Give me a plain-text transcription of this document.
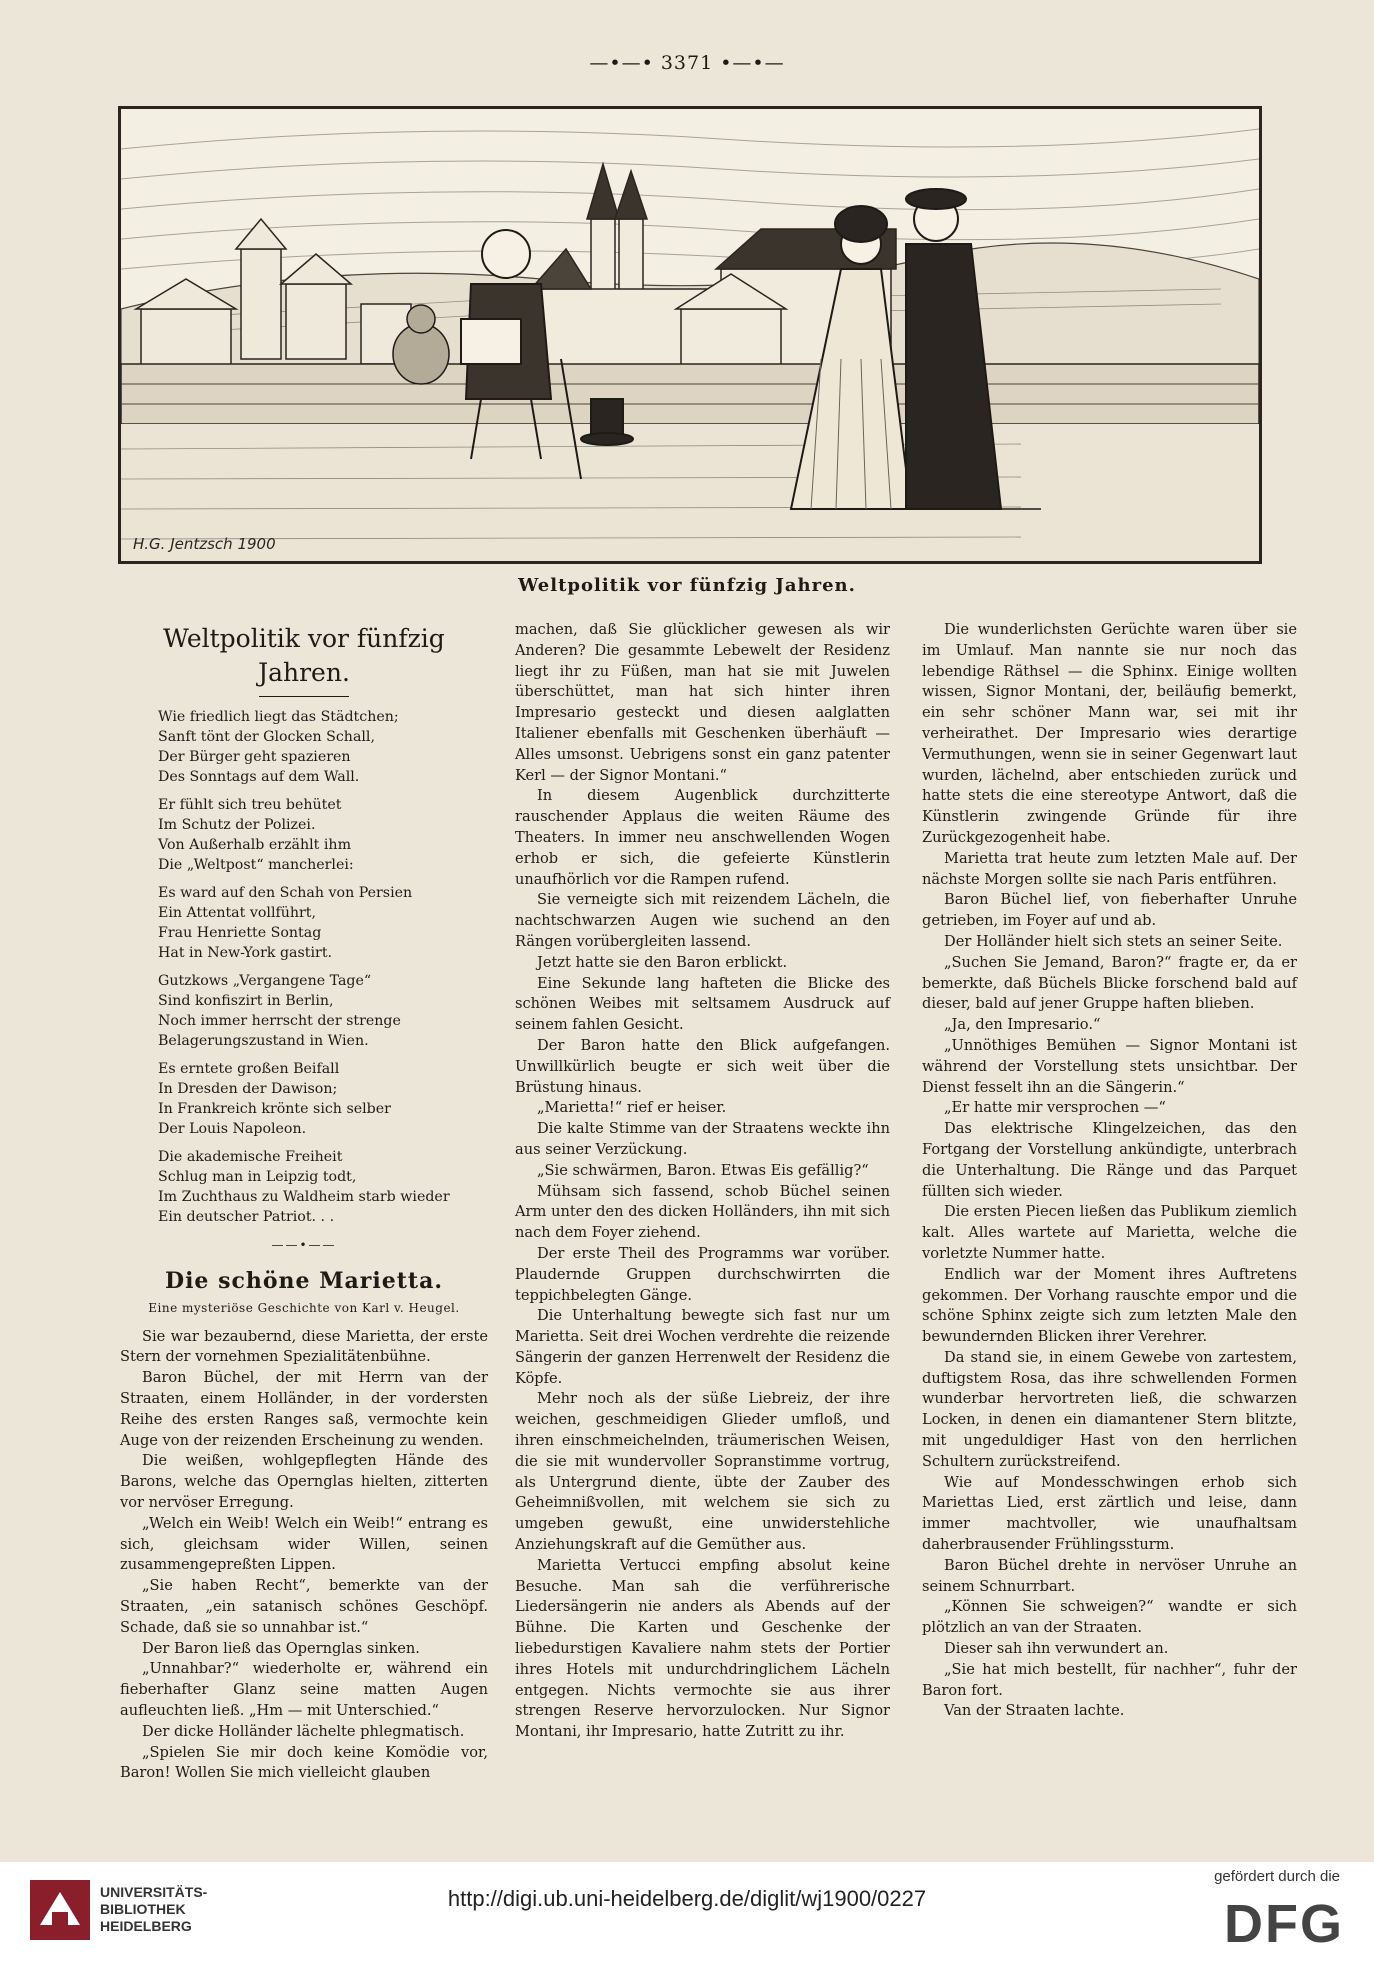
—•—• 3371 •—•—
H.G. Jentzsch 1900
Weltpolitik vor fünfzig Jahren.
Weltpolitik vor fünfzig Jahren.
Wie friedlich liegt das Städtchen;
Sanft tönt der Glocken Schall,
Der Bürger geht spazieren
Des Sonntags auf dem Wall.
Er fühlt sich treu behütet
Im Schutz der Polizei.
Von Außerhalb erzählt ihm
Die „Weltpost“ mancherlei:
Es ward auf den Schah von Persien
Ein Attentat vollführt,
Frau Henriette Sontag
Hat in New-York gastirt.
Gutzkows „Vergangene Tage“
Sind konfiszirt in Berlin,
Noch immer herrscht der strenge
Belagerungszustand in Wien.
Es erntete großen Beifall
In Dresden der Dawison;
In Frankreich krönte sich selber
Der Louis Napoleon.
Die akademische Freiheit
Schlug man in Leipzig todt,
Im Zuchthaus zu Waldheim starb wieder
Ein deutscher Patriot. . .
——•——
Die schöne Marietta.
Eine mysteriöse Geschichte von Karl v. Heugel.

Sie war bezaubernd, diese Marietta, der erste Stern der vornehmen Spezialitätenbühne.

Baron Büchel, der mit Herrn van der Straaten, einem Holländer, in der vordersten Reihe des ersten Ranges saß, vermochte kein Auge von der reizenden Erscheinung zu wenden.

Die weißen, wohlgepflegten Hände des Barons, welche das Opernglas hielten, zitterten vor nervöser Erregung.

„Welch ein Weib! Welch ein Weib!“ entrang es sich, gleichsam wider Willen, seinen zusammengepreßten Lippen.

„Sie haben Recht“, bemerkte van der Straaten, „ein satanisch schönes Geschöpf. Schade, daß sie so unnahbar ist.“

Der Baron ließ das Opernglas sinken.

„Unnahbar?“ wiederholte er, während ein fieberhafter Glanz seine matten Augen aufleuchten ließ. „Hm — mit Unterschied.“

Der dicke Holländer lächelte phlegmatisch.

„Spielen Sie mir doch keine Komödie vor, Baron! Wollen Sie mich vielleicht glauben

machen, daß Sie glücklicher gewesen als wir Anderen? Die gesammte Lebewelt der Residenz liegt ihr zu Füßen, man hat sie mit Juwelen überschüttet, man hat sich hinter ihren Impresario gesteckt und diesen aalglatten Italiener ebenfalls mit Geschenken überhäuft — Alles umsonst. Uebrigens sonst ein ganz patenter Kerl — der Signor Montani.“

In diesem Augenblick durchzitterte rauschender Applaus die weiten Räume des Theaters. In immer neu anschwellenden Wogen erhob er sich, die gefeierte Künstlerin unaufhörlich vor die Rampen rufend.

Sie verneigte sich mit reizendem Lächeln, die nachtschwarzen Augen wie suchend an den Rängen vorübergleiten lassend.

Jetzt hatte sie den Baron erblickt.

Eine Sekunde lang hafteten die Blicke des schönen Weibes mit seltsamem Ausdruck auf seinem fahlen Gesicht.

Der Baron hatte den Blick aufgefangen. Unwillkürlich beugte er sich weit über die Brüstung hinaus.

„Marietta!“ rief er heiser.

Die kalte Stimme van der Straatens weckte ihn aus seiner Verzückung.

„Sie schwärmen, Baron. Etwas Eis gefällig?“

Mühsam sich fassend, schob Büchel seinen Arm unter den des dicken Holländers, ihn mit sich nach dem Foyer ziehend.

Der erste Theil des Programms war vorüber. Plaudernde Gruppen durchschwirrten die teppichbelegten Gänge.

Die Unterhaltung bewegte sich fast nur um Marietta. Seit drei Wochen verdrehte die reizende Sängerin der ganzen Herrenwelt der Residenz die Köpfe.

Mehr noch als der süße Liebreiz, der ihre weichen, geschmeidigen Glieder umfloß, und ihren einschmeichelnden, träumerischen Weisen, die sie mit wundervoller Sopranstimme vortrug, als Untergrund diente, übte der Zauber des Geheimnißvollen, mit welchem sie sich zu umgeben gewußt, eine unwiderstehliche Anziehungskraft auf die Gemüther aus.

Marietta Vertucci empfing absolut keine Besuche. Man sah die verführerische Liedersängerin nie anders als Abends auf der Bühne. Die Karten und Geschenke der liebedurstigen Kavaliere nahm stets der Portier ihres Hotels mit undurchdringlichem Lächeln entgegen. Nichts vermochte sie aus ihrer strengen Reserve hervorzulocken. Nur Signor Montani, ihr Impresario, hatte Zutritt zu ihr.

Die wunderlichsten Gerüchte waren über sie im Umlauf. Man nannte sie nur noch das lebendige Räthsel — die Sphinx. Einige wollten wissen, Signor Montani, der, beiläufig bemerkt, ein sehr schöner Mann war, sei mit ihr verheirathet. Der Impresario wies derartige Vermuthungen, wenn sie in seiner Gegenwart laut wurden, lächelnd, aber entschieden zurück und hatte stets die eine stereotype Antwort, daß die Künstlerin zwingende Gründe für ihre Zurückgezogenheit habe.

Marietta trat heute zum letzten Male auf. Der nächste Morgen sollte sie nach Paris entführen.

Baron Büchel lief, von fieberhafter Unruhe getrieben, im Foyer auf und ab.

Der Holländer hielt sich stets an seiner Seite.

„Suchen Sie Jemand, Baron?“ fragte er, da er bemerkte, daß Büchels Blicke forschend bald auf dieser, bald auf jener Gruppe haften blieben.

„Ja, den Impresario.“

„Unnöthiges Bemühen — Signor Montani ist während der Vorstellung stets unsichtbar. Der Dienst fesselt ihn an die Sängerin.“

„Er hatte mir versprochen —“

Das elektrische Klingelzeichen, das den Fortgang der Vorstellung ankündigte, unterbrach die Unterhaltung. Die Ränge und das Parquet füllten sich wieder.

Die ersten Piecen ließen das Publikum ziemlich kalt. Alles wartete auf Marietta, welche die vorletzte Nummer hatte.

Endlich war der Moment ihres Auftretens gekommen. Der Vorhang rauschte empor und die schöne Sphinx zeigte sich zum letzten Male den bewundernden Blicken ihrer Verehrer.

Da stand sie, in einem Gewebe von zartestem, duftigstem Rosa, das ihre schwellenden Formen wunderbar hervortreten ließ, die schwarzen Locken, in denen ein diamantener Stern blitzte, mit ungeduldiger Hast von den herrlichen Schultern zurückstreifend.

Wie auf Mondesschwingen erhob sich Mariettas Lied, erst zärtlich und leise, dann immer machtvoller, wie unaufhaltsam daherbrausender Frühlingssturm.

Baron Büchel drehte in nervöser Unruhe an seinem Schnurrbart.

„Können Sie schweigen?“ wandte er sich plötzlich an van der Straaten.

Dieser sah ihn verwundert an.

„Sie hat mich bestellt, für nachher“, fuhr der Baron fort.

Van der Straaten lachte.

UNIVERSITÄTS-
BIBLIOTHEK
HEIDELBERG
http://digi.ub.uni-heidelberg.de/diglit/wj1900/0227
gefördert durch die
DFG
